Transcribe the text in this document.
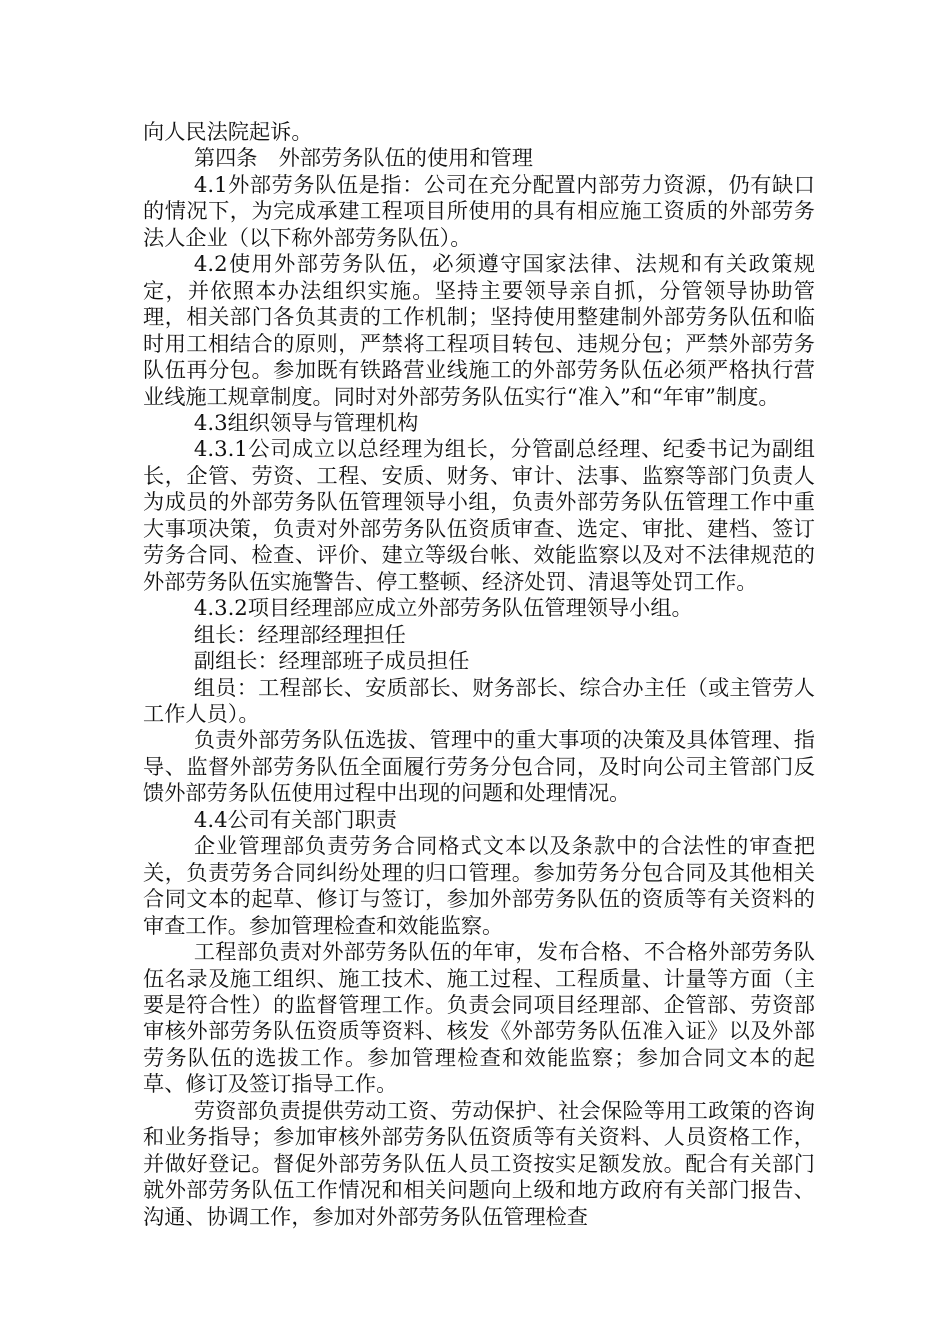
向人民法院起诉。

第四条　外部劳务队伍的使用和管理

4.1外部劳务队伍是指：公司在充分配置内部劳力资源，仍有缺口的情况下，为完成承建工程项目所使用的具有相应施工资质的外部劳务法人企业（以下称外部劳务队伍）。

4.2使用外部劳务队伍，必须遵守国家法律、法规和有关政策规定，并依照本办法组织实施。坚持主要领导亲自抓，分管领导协助管理，相关部门各负其责的工作机制；坚持使用整建制外部劳务队伍和临时用工相结合的原则，严禁将工程项目转包、违规分包；严禁外部劳务队伍再分包。参加既有铁路营业线施工的外部劳务队伍必须严格执行营业线施工规章制度。同时对外部劳务队伍实行“准入”和“年审”制度。

4.3组织领导与管理机构

4.3.1公司成立以总经理为组长，分管副总经理、纪委书记为副组长，企管、劳资、工程、安质、财务、审计、法事、监察等部门负责人为成员的外部劳务队伍管理领导小组，负责外部劳务队伍管理工作中重大事项决策，负责对外部劳务队伍资质审查、选定、审批、建档、签订劳务合同、检查、评价、建立等级台帐、效能监察以及对不法律规范的外部劳务队伍实施警告、停工整顿、经济处罚、清退等处罚工作。

4.3.2项目经理部应成立外部劳务队伍管理领导小组。

组长：经理部经理担任

副组长：经理部班子成员担任

组员：工程部长、安质部长、财务部长、综合办主任（或主管劳人工作人员）。

负责外部劳务队伍选拔、管理中的重大事项的决策及具体管理、指导、监督外部劳务队伍全面履行劳务分包合同，及时向公司主管部门反馈外部劳务队伍使用过程中出现的问题和处理情况。

4.4公司有关部门职责

企业管理部负责劳务合同格式文本以及条款中的合法性的审查把关，负责劳务合同纠纷处理的归口管理。参加劳务分包合同及其他相关合同文本的起草、修订与签订，参加外部劳务队伍的资质等有关资料的审查工作。参加管理检查和效能监察。

工程部负责对外部劳务队伍的年审，发布合格、不合格外部劳务队伍名录及施工组织、施工技术、施工过程、工程质量、计量等方面（主要是符合性）的监督管理工作。负责会同项目经理部、企管部、劳资部审核外部劳务队伍资质等资料、核发《外部劳务队伍准入证》以及外部劳务队伍的选拔工作。参加管理检查和效能监察；参加合同文本的起草、修订及签订指导工作。

劳资部负责提供劳动工资、劳动保护、社会保险等用工政策的咨询和业务指导；参加审核外部劳务队伍资质等有关资料、人员资格工作，并做好登记。督促外部劳务队伍人员工资按实足额发放。配合有关部门就外部劳务队伍工作情况和相关问题向上级和地方政府有关部门报告、沟通、协调工作，参加对外部劳务队伍管理检查
